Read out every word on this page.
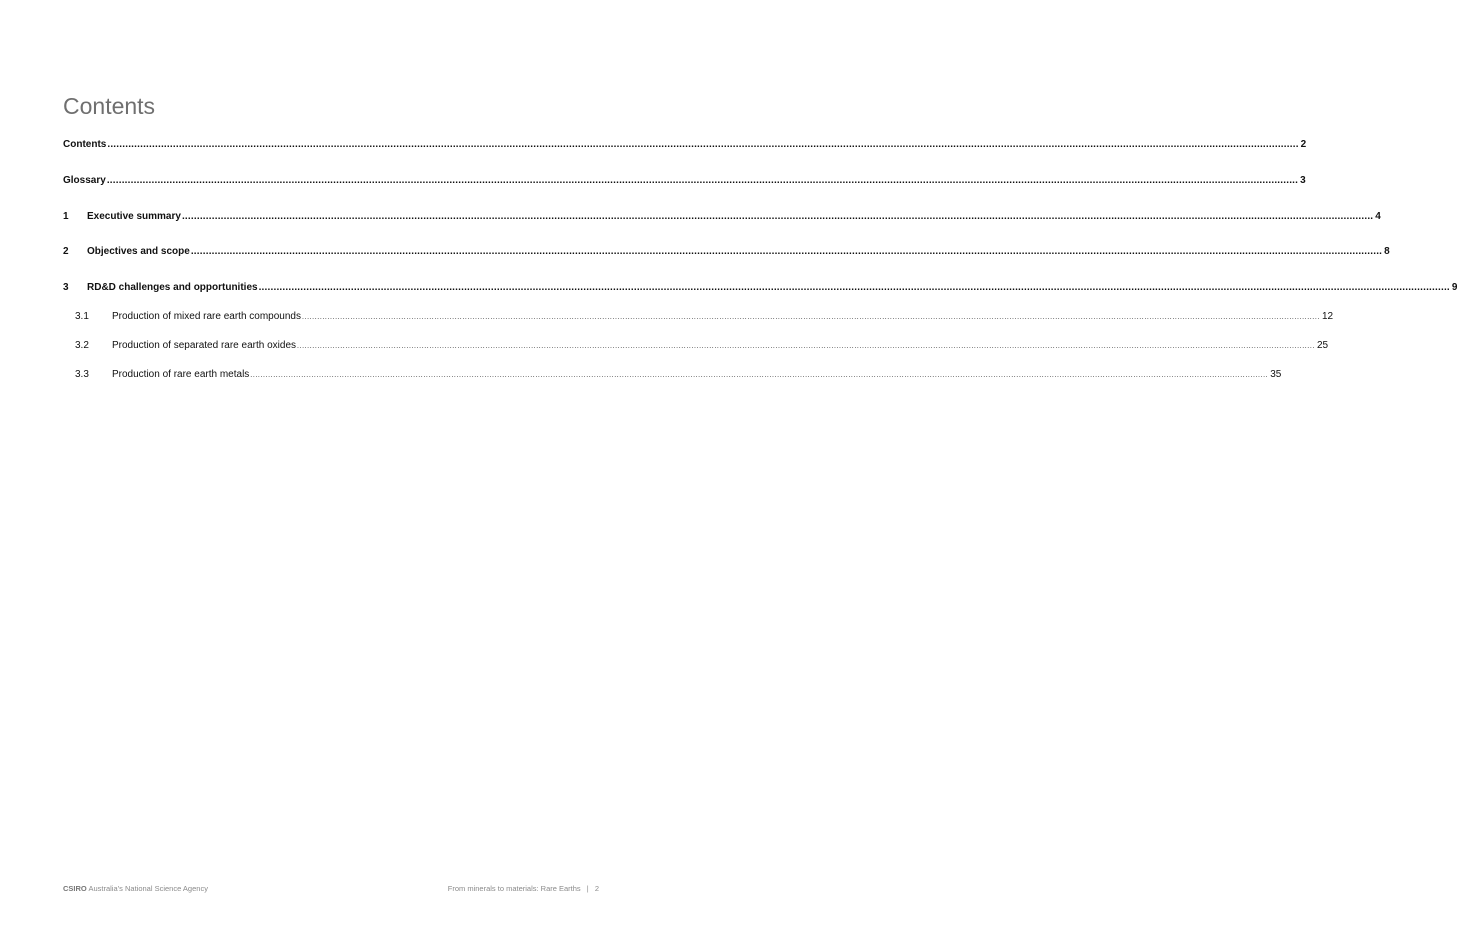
Contents
Contents ................................................................................................................................................................................................................................................................................................................................................................................................................ 2
Glossary ................................................................................................................................................................................................................................................................................................................................................................................................................ 3
1	Executive summary ................................................................................................................................................................................................................................................................................................................................................................................................................ 4
2	Objectives and scope ................................................................................................................................................................................................................................................................................................................................................................................................................ 8
3	RD&D challenges and opportunities ................................................................................................................................................................................................................................................................................................................................................................................................................ 9
3.1	Production of mixed rare earth compounds ................................................................................................................................................................................................................................................................................................................................................................................................................ 12
3.2	Production of separated rare earth oxides ................................................................................................................................................................................................................................................................................................................................................................................................................ 25
3.3	Production of rare earth metals ................................................................................................................................................................................................................................................................................................................................................................................................................ 35
CSIRO Australia’s National Science Agency	From minerals to materials: Rare Earths | 2
